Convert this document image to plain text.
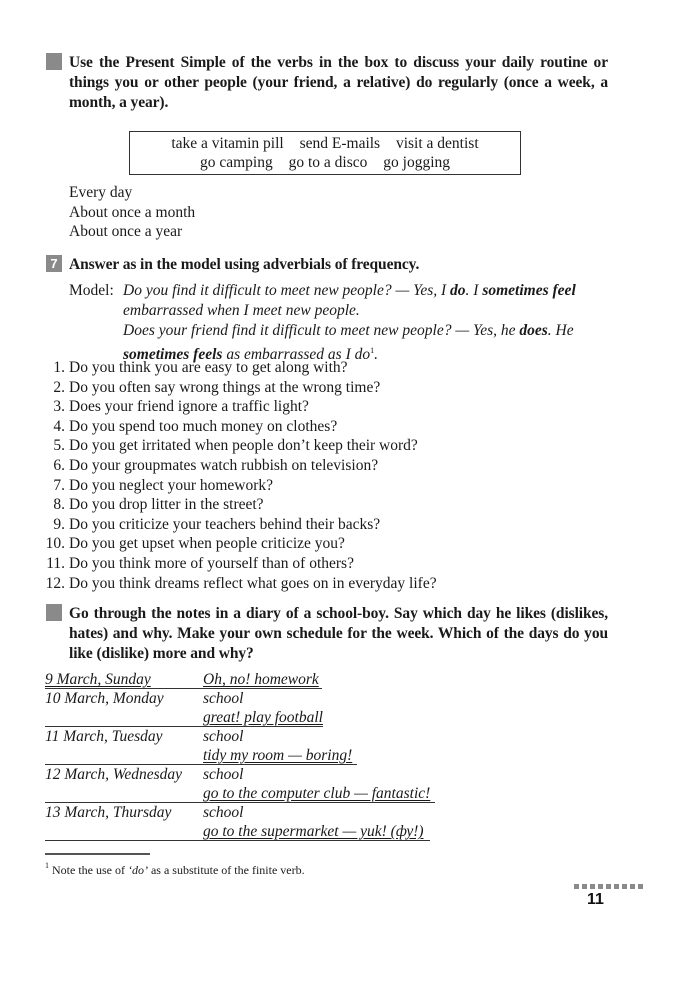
6 Use the Present Simple of the verbs in the box to discuss your daily routine or things you or other people (your friend, a relative) do regularly (once a week, a month, a year).
take a vitamin pill send E-mails visit a dentist
go camping go to a disco go jogging
Every day
About once a month
About once a year
7 Answer as in the model using adverbials of frequency.
Model: Do you find it difficult to meet new people? — Yes, I do. I sometimes feel embarrassed when I meet new people.
Does your friend find it difficult to meet new people? — Yes, he does. He sometimes feels as embarrassed as I $do^1$.
1. Do you think you are easy to get along with?
2. Do you often say wrong things at the wrong time?
3. Does your friend ignore a traffic light?
4. Do you spend too much money on clothes?
5. Do you get irritated when people don’t keep their word?
6. Do your groupmates watch rubbish on television?
7. Do you neglect your homework?
8. Do you drop litter in the street?
9. Do you criticize your teachers behind their backs?
10. Do you get upset when people criticize you?
11. Do you think more of yourself than of others?
12. Do you think dreams reflect what goes on in everyday life?
8 Go through the notes in a diary of a school-boy. Say which day he likes (dislikes, hates) and why. Make your own schedule for the week. Which of the days do you like (dislike) more and why?
9 March, Sunday	Oh, no! homework
10 March, Monday	school
great! play football
11 March, Tuesday	school
tidy my room — boring!
12 March, Wednesday school
go to the computer club — fantastic!
13 March, Thursday school
go to the supermarket — yuk! (фу!)
$^1$ Note the use of ‘do’ as a substitute of the finite verb.
11
